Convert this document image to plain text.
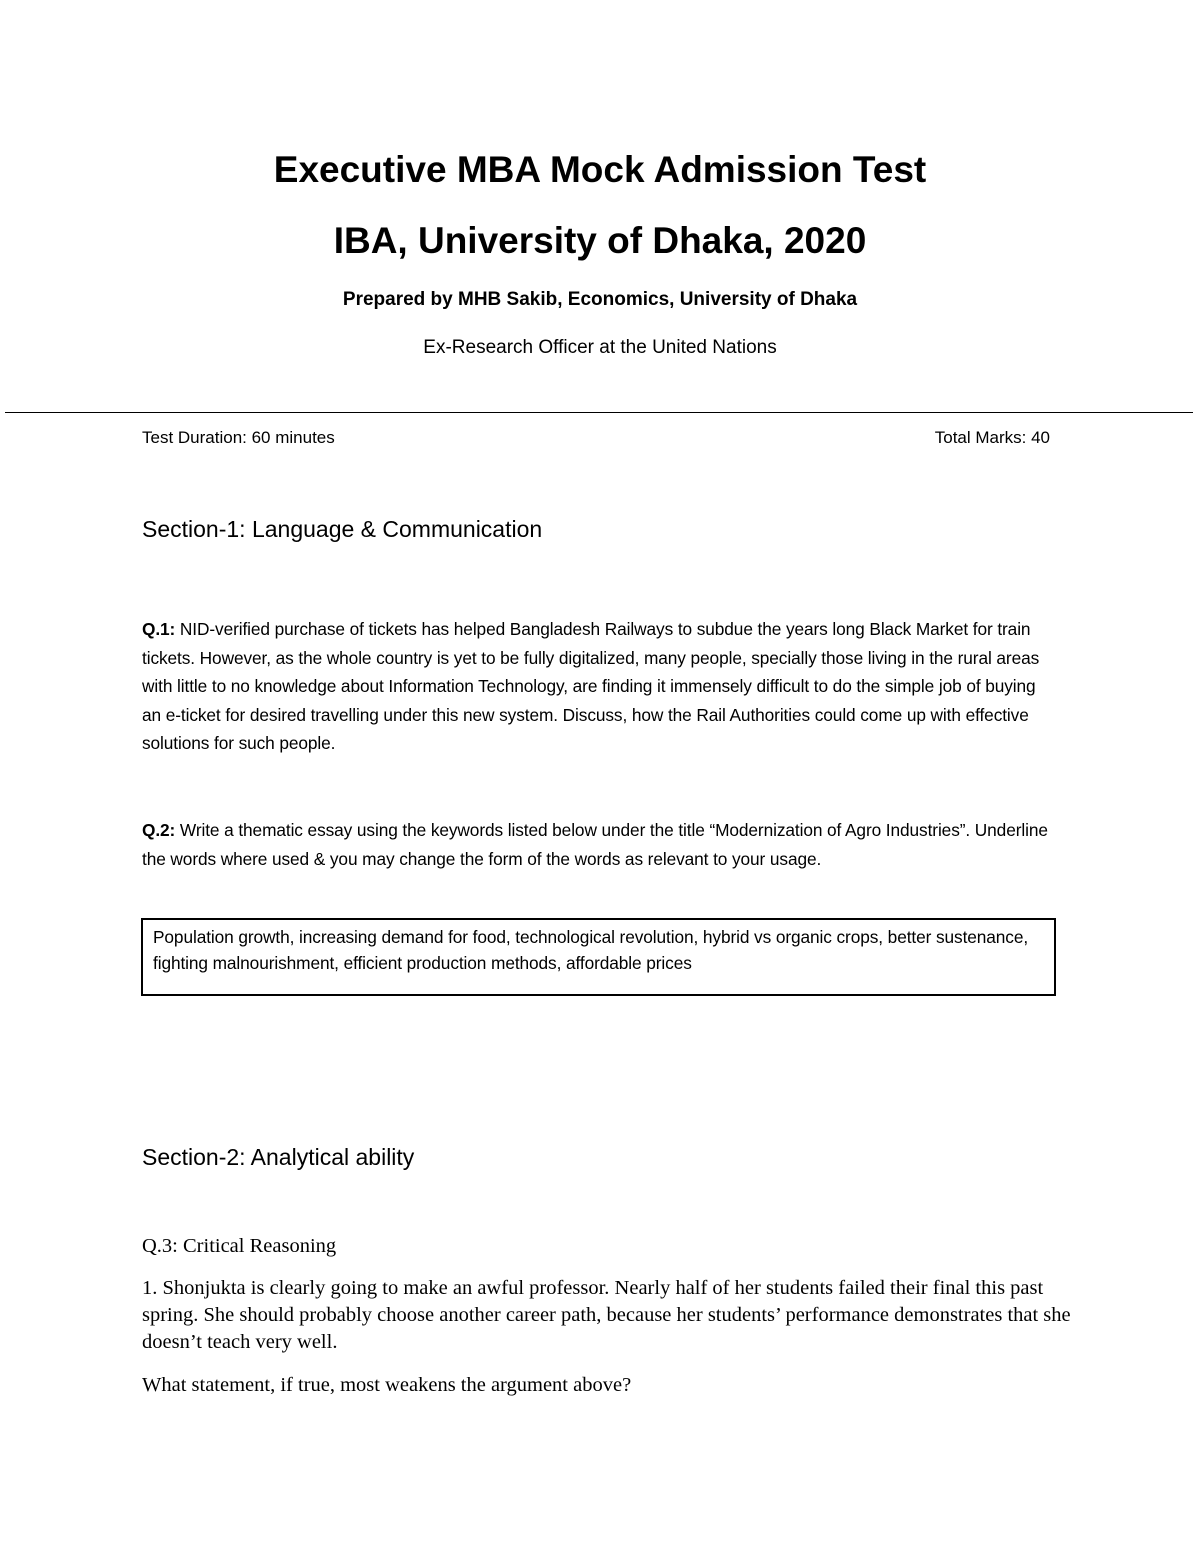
Executive MBA Mock Admission Test
IBA, University of Dhaka, 2020
Prepared by MHB Sakib, Economics, University of Dhaka
Ex-Research Officer at the United Nations
Test Duration: 60 minutes	Total Marks: 40
Section-1: Language & Communication
Q.1: NID-verified purchase of tickets has helped Bangladesh Railways to subdue the years long Black Market for train tickets. However, as the whole country is yet to be fully digitalized, many people, specially those living in the rural areas with little to no knowledge about Information Technology, are finding it immensely difficult to do the simple job of buying an e-ticket for desired travelling under this new system. Discuss, how the Rail Authorities could come up with effective solutions for such people.
Q.2: Write a thematic essay using the keywords listed below under the title “Modernization of Agro Industries”. Underline the words where used & you may change the form of the words as relevant to your usage.
Population growth, increasing demand for food, technological revolution, hybrid vs organic crops, better sustenance, fighting malnourishment, efficient production methods, affordable prices
Section-2: Analytical ability
Q.3: Critical Reasoning
1. Shonjukta is clearly going to make an awful professor. Nearly half of her students failed their final this past spring. She should probably choose another career path, because her students’ performance demonstrates that she doesn’t teach very well.
What statement, if true, most weakens the argument above?
